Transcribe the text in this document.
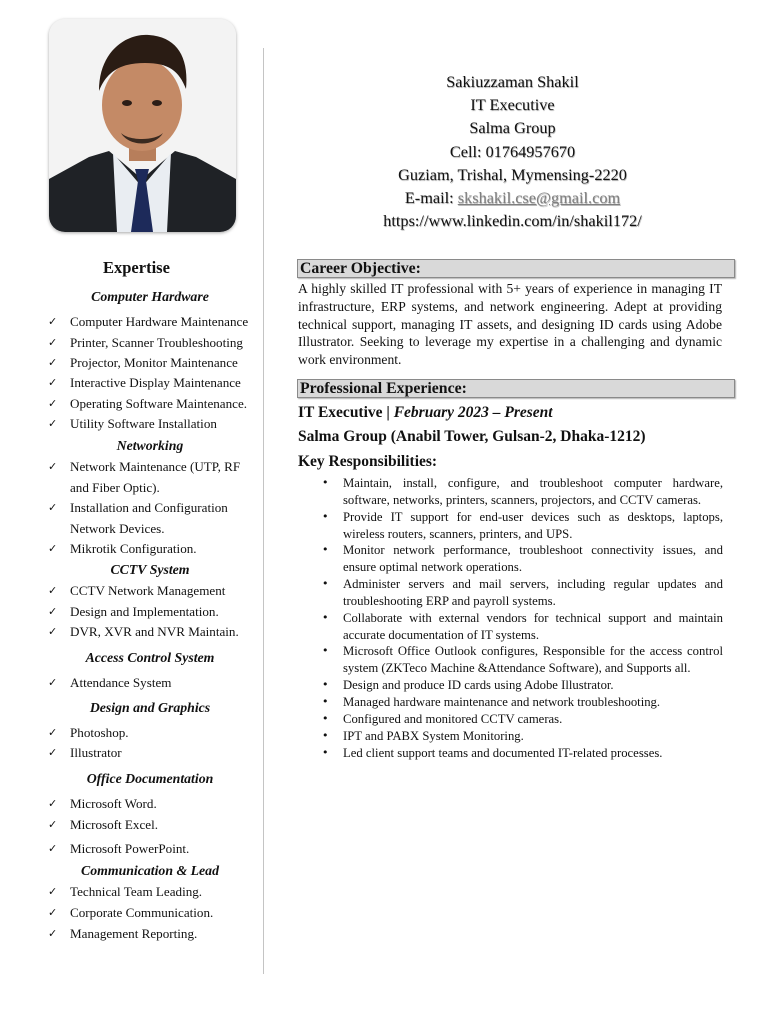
Sakiuzzaman Shakil
IT Executive
Salma Group
Cell: 01764957670
Guziam, Trishal, Mymensing-2220
E-mail: skshakil.cse@gmail.com
https://www.linkedin.com/in/shakil172/
Expertise
Computer Hardware
✓ Computer Hardware Maintenance
✓ Printer, Scanner Troubleshooting
✓ Projector, Monitor Maintenance
✓ Interactive Display Maintenance
✓ Operating Software Maintenance.
✓ Utility Software Installation
Networking
✓ Network Maintenance (UTP, RF
and Fiber Optic).
✓ Installation and Configuration
Network Devices.
✓ Mikrotik Configuration.
CCTV System
✓ CCTV Network Management
✓ Design and Implementation.
✓ DVR, XVR and NVR Maintain.
Access Control System
✓ Attendance System
Design and Graphics
✓ Photoshop.
✓ Illustrator
Office Documentation
✓ Microsoft Word.
✓ Microsoft Excel.
✓ Microsoft PowerPoint.
Communication & Lead
✓ Technical Team Leading.
✓ Corporate Communication.
✓ Management Reporting.
Career Objective:
A highly skilled IT professional with 5+ years of experience in managing IT infrastructure, ERP systems, and network engineering. Adept at providing technical support, managing IT assets, and designing ID cards using Adobe Illustrator. Seeking to leverage my expertise in a challenging and dynamic work environment.
Professional Experience:
IT Executive | February 2023 – Present
Salma Group (Anabil Tower, Gulsan-2, Dhaka-1212)
Key Responsibilities:
• Maintain, install, configure, and troubleshoot computer hardware, software, networks, printers, scanners, projectors, and CCTV cameras.
• Provide IT support for end-user devices such as desktops, laptops, wireless routers, scanners, printers, and UPS.
• Monitor network performance, troubleshoot connectivity issues, and ensure optimal network operations.
• Administer servers and mail servers, including regular updates and troubleshooting ERP and payroll systems.
• Collaborate with external vendors for technical support and maintain accurate documentation of IT systems.
• Microsoft Office Outlook configures, Responsible for the access control system (ZKTeco Machine &Attendance Software), and Supports all.
• Design and produce ID cards using Adobe Illustrator.
• Managed hardware maintenance and network troubleshooting.
• Configured and monitored CCTV cameras.
• IPT and PABX System Monitoring.
• Led client support teams and documented IT-related processes.
